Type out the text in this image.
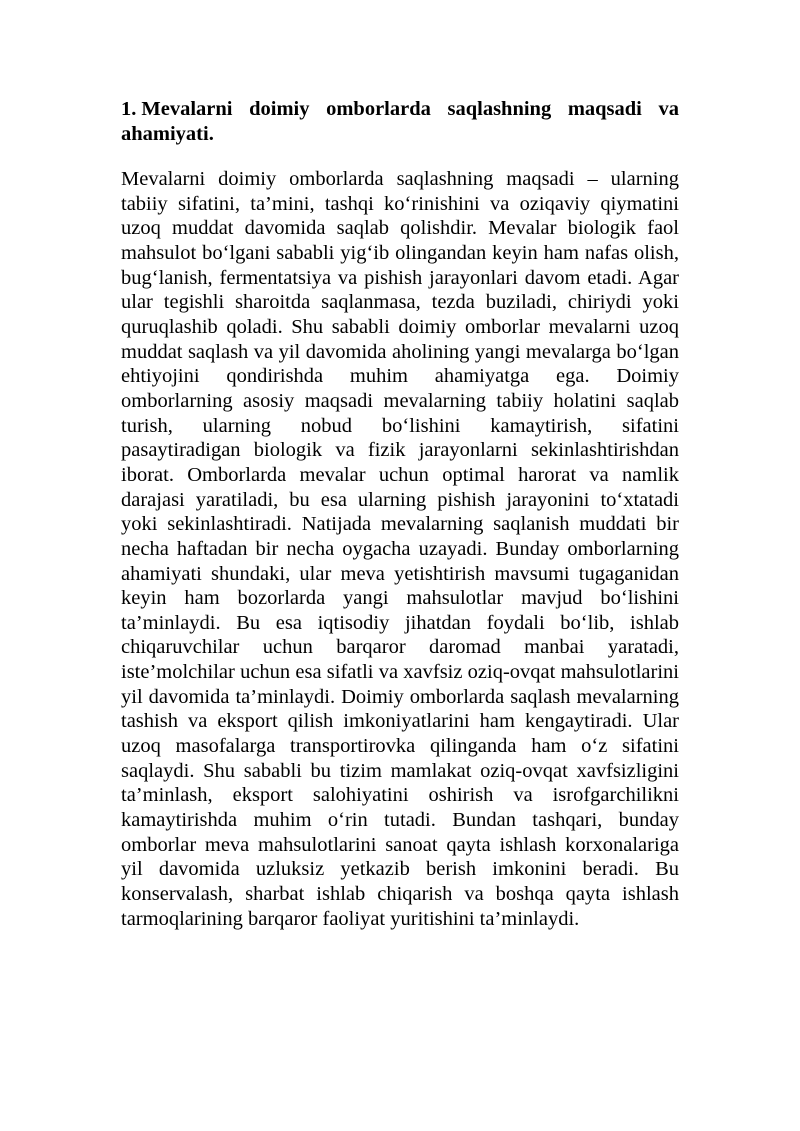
1. Mevalarni doimiy omborlarda saqlashning maqsadi va ahamiyati.

Mevalarni doimiy omborlarda saqlashning maqsadi – ularning tabiiy sifatini, ta’mini, tashqi ko‘rinishini va oziqaviy qiymatini uzoq muddat davomida saqlab qolishdir. Mevalar biologik faol mahsulot bo‘lgani sababli yig‘ib olingandan keyin ham nafas olish, bug‘lanish, fermentatsiya va pishish jarayonlari davom etadi. Agar ular tegishli sharoitda saqlanmasa, tezda buziladi, chiriydi yoki quruqlashib qoladi. Shu sababli doimiy omborlar mevalarni uzoq muddat saqlash va yil davomida aholining yangi mevalarga bo‘lgan ehtiyojini qondirishda muhim ahamiyatga ega. Doimiy omborlarning asosiy maqsadi mevalarning tabiiy holatini saqlab turish, ularning nobud bo‘lishini kamaytirish, sifatini pasaytiradigan biologik va fizik jarayonlarni sekinlashtirishdan iborat. Omborlarda mevalar uchun optimal harorat va namlik darajasi yaratiladi, bu esa ularning pishish jarayonini to‘xtatadi yoki sekinlashtiradi. Natijada mevalarning saqlanish muddati bir necha haftadan bir necha oygacha uzayadi. Bunday omborlarning ahamiyati shundaki, ular meva yetishtirish mavsumi tugaganidan keyin ham bozorlarda yangi mahsulotlar mavjud bo‘lishini ta’minlaydi. Bu esa iqtisodiy jihatdan foydali bo‘lib, ishlab chiqaruvchilar uchun barqaror daromad manbai yaratadi, iste’molchilar uchun esa sifatli va xavfsiz oziq-ovqat mahsulotlarini yil davomida ta’minlaydi. Doimiy omborlarda saqlash mevalarning tashish va eksport qilish imkoniyatlarini ham kengaytiradi. Ular uzoq masofalarga transportirovka qilinganda ham o‘z sifatini saqlaydi. Shu sababli bu tizim mamlakat oziq-ovqat xavfsizligini ta’minlash, eksport salohiyatini oshirish va isrofgarchilikni kamaytirishda muhim o‘rin tutadi. Bundan tashqari, bunday omborlar meva mahsulotlarini sanoat qayta ishlash korxonalariga yil davomida uzluksiz yetkazib berish imkonini beradi. Bu konservalash, sharbat ishlab chiqarish va boshqa qayta ishlash tarmoqlarining barqaror faoliyat yuritishini ta’minlaydi.
